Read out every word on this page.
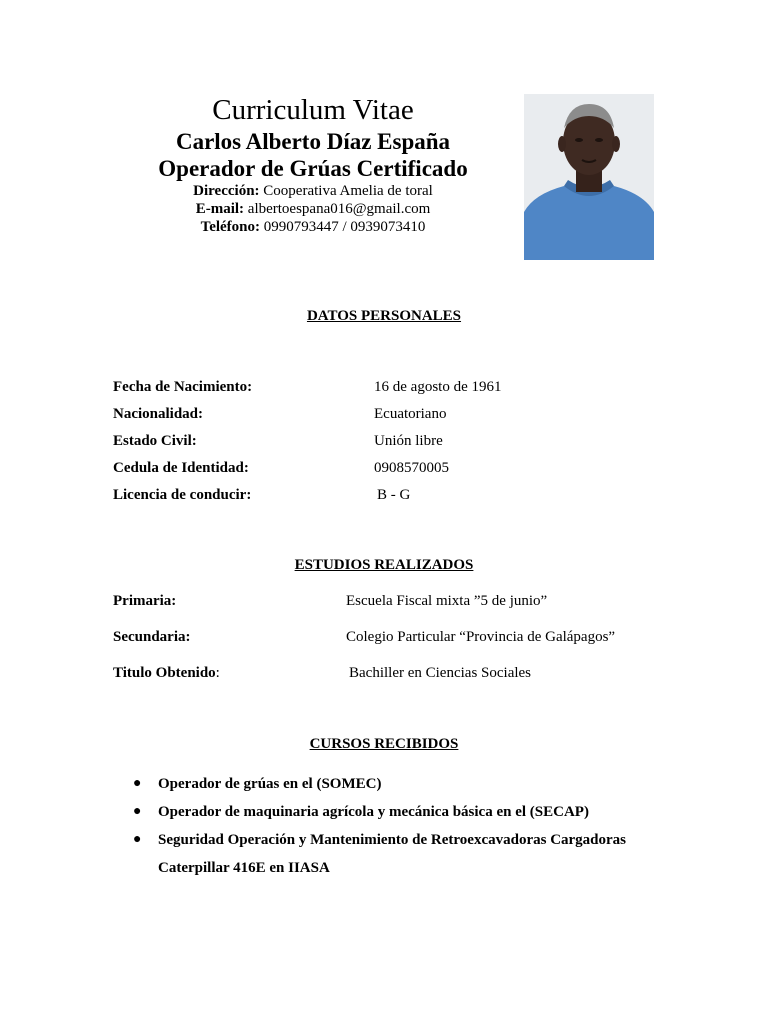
Curriculum Vitae
Carlos Alberto Díaz España
Operador de Grúas Certificado
Dirección: Cooperativa Amelia de toral
E-mail: albertoespana016@gmail.com
Teléfono: 0990793447 / 0939073410
DATOS PERSONALES
Fecha de Nacimiento:	16 de agosto de 1961
Nacionalidad:	Ecuatoriano
Estado Civil:	Unión libre
Cedula de Identidad:	0908570005
Licencia de conducir:	B - G
ESTUDIOS REALIZADOS
Primaria:	Escuela Fiscal mixta ”5 de junio”
Secundaria:	Colegio Particular “Provincia de Galápagos”
Titulo Obtenido:	Bachiller en Ciencias Sociales
CURSOS RECIBIDOS
● Operador de grúas en el (SOMEC)
● Operador de maquinaria agrícola y mecánica básica en el (SECAP)
● Seguridad Operación y Mantenimiento de Retroexcavadoras Cargadoras Caterpillar 416E en IIASA
